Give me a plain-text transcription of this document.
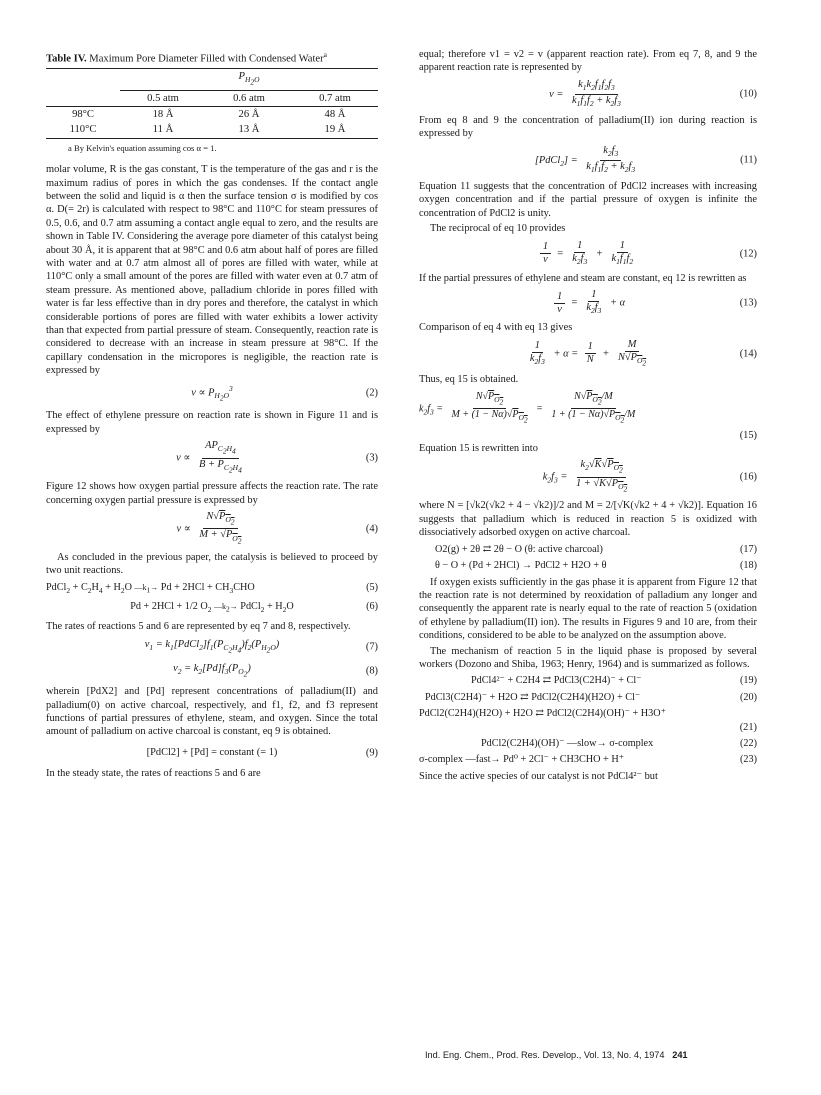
Table IV. Maximum Pore Diameter Filled with Condensed Water$^a$
	$P_{H_2O}$
	0.5 atm	0.6 atm	0.7 atm
98°C	18 Å	26 Å	48 Å
110°C	11 Å	13 Å	19 Å
a By Kelvin's equation assuming cos α = 1.

molar volume, R is the gas constant, T is the temperature of the gas and r is the maximum radius of pores in which the gas condenses. If the contact angle between the solid and liquid is α then the surface tension σ is modified by cos α. D(= 2r) is calculated with respect to 98°C and 110°C for steam pressures of 0.5, 0.6, and 0.7 atm assuming a contact angle equal to zero, and the results are shown in Table IV. Considering the average pore diameter of this catalyst being about 30 Å, it is apparent that at 98°C and 0.6 atm about half of pores are filled with water and at 0.7 atm almost all of pores are filled with water, while at 110°C only a small amount of the pores are filled with water even at 0.7 atm of steam pressure. As mentioned above, palladium chloride in pores filled with water is far less effective than in dry pores and therefore, the catalyst in which considerable portions of pores are filled with water exhibits a lower activity than that expected from partial pressure of steam. Consequently, reaction rate is considered to decrease with an increase in steam pressure at 98°C. If the capillary condensation in the micropores is negligible, the reaction rate is expressed by

$v \propto P_{H_2O}^3$	(2)

The effect of ethylene pressure on reaction rate is shown in Figure 11 and is expressed by

$v \propto \frac{AP_{C_2H_4}}{B + P_{C_2H_4}}$	(3)

Figure 12 shows how oxygen partial pressure affects the reaction rate. The rate concerning oxygen partial pressure is expressed by

$v \propto \frac{N√P_{O_2}}{M + √P_{O_2}}$	(4)

As concluded in the previous paper, the catalysis is believed to proceed by two unit reactions.

PdCl$_2$ + $C_2H_4 + H_2O$ $—k_1\to Pd + 2HCl + CH_3CHO$	(5)
Pd + 2HCl + 1/2 $O_2$ $—k_2\to$ PdCl$_2$ + $H_2O$	(6)

The rates of reactions 5 and 6 are represented by eq 7 and 8, respectively.

$v_1$ = $k_1[PdCl_2]f_1(P_{C_2H_4})f_2(P_{H_2O})$	(7)
$v_2 = k_2[Pd]f_3(P_{O_2})$	(8)

wherein [PdX2] and [Pd] represent concentrations of palladium(II) and palladium(0) on active charcoal, respectively, and f1, f2, and f3 represent functions of partial pressures of ethylene, steam, and oxygen. Since the total amount of palladium on active charcoal is constant, eq 9 is obtained.

[PdCl2] + [Pd] = constant (= 1)	(9)

In the steady state, the rates of reactions 5 and 6 are

equal; therefore v1 = v2 = v (apparent reaction rate). From eq 7, 8, and 9 the apparent reaction rate is represented by

$v = \frac{k_1k_2f_1f_2f_3}{k_1f_1f_2 + k_2f_3}$	(10)

From eq 8 and 9 the concentration of palladium(II) ion during reaction is expressed by

[PdCl$_2$] = $\frac{k_2f_3}{k_1f_1f_2 + k_2f_3}$	(11)

Equation 11 suggests that the concentration of PdCl2 increases with increasing oxygen concentration and if the partial pressure of oxygen is infinite the concentration of PdCl2 is unity.

The reciprocal of eq 10 provides

$\frac{1}{v} = \frac{1}{k_2f_3} + \frac{1}{k_1f_1f_2}$	(12)

If the partial pressures of ethylene and steam are constant, eq 12 is rewritten as

$\frac{1}{v} = \frac{1}{k_2f_3} + \alpha$	(13)

Comparison of eq 4 with eq 13 gives

$\frac{1}{k_2f_3} + \alpha = \frac{1}{N} + \frac{M}{N√P_{O_2}}$	(14)

Thus, eq 15 is obtained.

$k_2f_3 = \frac{N√P_{O_2}}{M + (1 - N\alpha)√P_{O_2}} = \frac{N√P_{O_2}/M}{1 + (1 - N\alpha)√P_{O_2}/M}$
(15)

Equation 15 is rewritten into

$k_2f_3 = \frac{k_2√K√P_{O_2}}{1 + √K√P_{O_2}}$	(16)

where N = [√k2(√k2 + 4 − √k2)]/2 and M = 2/[√K(√k2 + 4 + √k2)]. Equation 16 suggests that palladium which is reduced in reaction 5 is oxidized with dissociatively adsorbed oxygen on active charcoal.

O2(g) + 2θ ⇄ 2θ − O (θ: active charcoal)	(17)
θ − O + (Pd + 2HCl) → PdCl2 + H2O + θ	(18)

If oxygen exists sufficiently in the gas phase it is apparent from Figure 12 that the reaction rate is not determined by reoxidation of palladium any longer and consequently the apparent rate is nearly equal to the rate of reaction 5 (oxidation of ethylene by palladium(II) ion). The results in Figures 9 and 10 are, from their conditions, considered to be able to be analyzed on the assumption above.

The mechanism of reaction 5 in the liquid phase is proposed by several workers (Dozono and Shiba, 1963; Henry, 1964) and is summarized as follows.

PdCl4²⁻ + C2H4 ⇄ PdCl3(C2H4)⁻ + Cl⁻	(19)
PdCl3(C2H4)⁻ + H2O ⇄ PdCl2(C2H4)(H2O) + Cl⁻	(20)
PdCl2(C2H4)(H2O) + H2O ⇄ PdCl2(C2H4)(OH)⁻ + H3O⁺
(21)
PdCl2(C2H4)(OH)⁻ —slow→ σ-complex	(22)
σ-complex —fast→ Pd⁰ + 2Cl⁻ + CH3CHO + H⁺	(23)

Since the active species of our catalyst is not PdCl4²⁻ but

Ind. Eng. Chem., Prod. Res. Develop., Vol. 13, No. 4, 1974 241
